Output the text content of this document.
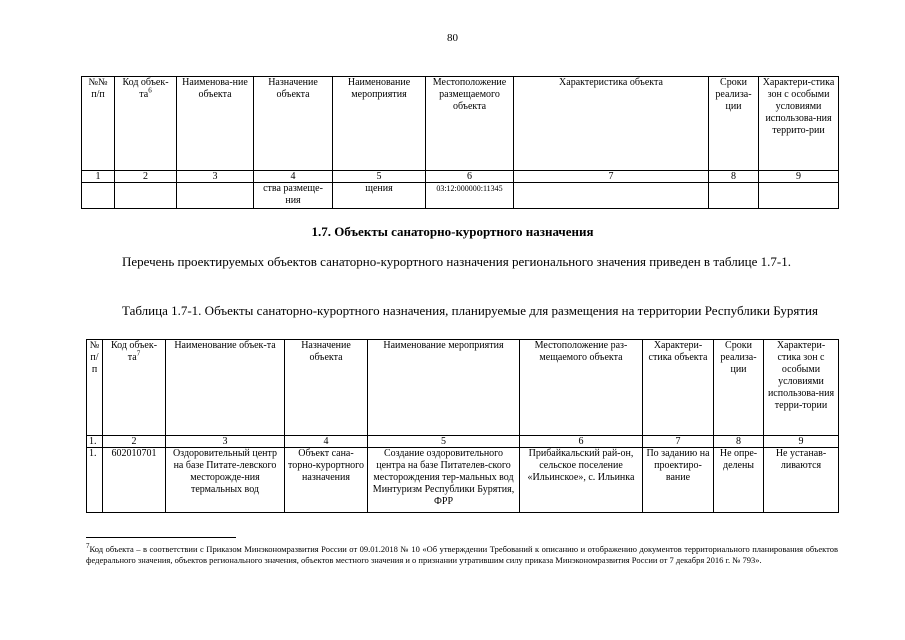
80
№№ п/п	Код объек-$та^6$	Наименова-ние объекта	Назначение объекта	Наименование мероприятия	Местоположение размещаемого объекта	Характеристика объекта	Сроки реализа-ции	Характери-стика зон с особыми условиями использова-ния террито-рии
1	2	3	4	5	6	7	8	9
			ства размеще-ния	щения	03:12:000000:11345			
1.7. Объекты санаторно-курортного назначения
Перечень проектируемых объектов санаторно-курортного назначения регионального значения приведен в таблице 1.7-1.
Таблица 1.7-1. Объекты санаторно-курортного назначения, планируемые для размещения на территории Республики Бурятия
№ п/п	Код объек-$та^7$	Наименование объек-та	Назначение объекта	Наименование мероприятия	Местоположение раз-мещаемого объекта	Характери-стика объекта	Сроки реализа-ции	Характери-стика зон с особыми условиями использова-ния терри-тории
1.	2	3	4	5	6	7	8	9
1.	602010701	Оздоровительный центр на базе Питате-левского месторожде-ния термальных вод	Объект сана-торно-курортного назначения	Создание оздоровительного центра на базе Питателев-ского месторождения тер-мальных вод Минтуризм Республики Бурятия, ФРР	Прибайкальский рай-он, сельское поселение «Ильинское», с. Ильинка	По заданию на проектиро-вание	Не опре-делены	Не устанав-ливаются
$^7$Код объекта – в соответствии с Приказом Минэкономразвития России от 09.01.2018 № 10 «Об утверждении Требований к описанию и отображению документов территориального планирования объектов федерального значения, объектов регионального значения, объектов местного значения и о признании утратившим силу приказа Минэкономразвития России от 7 декабря 2016 г. № 793».
